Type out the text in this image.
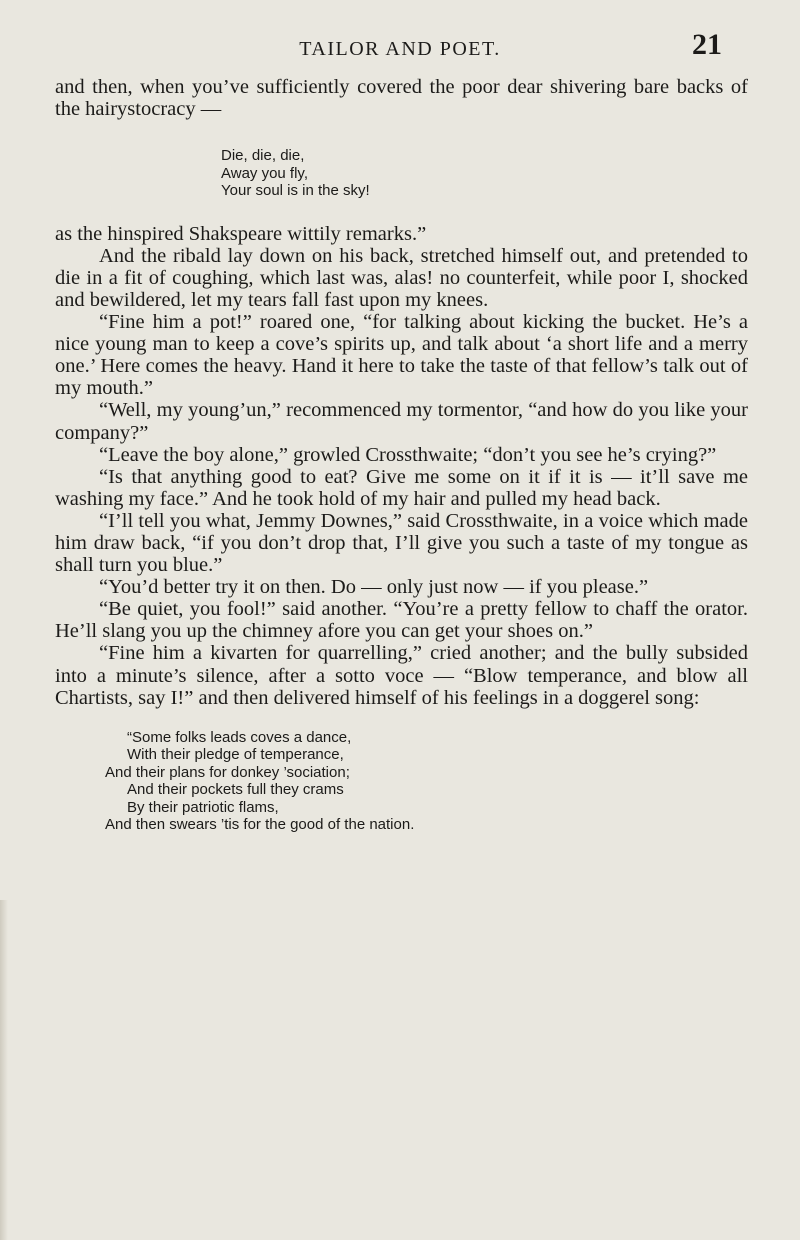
TAILOR AND POET.	21

and then, when you’ve sufficiently covered the poor dear shivering bare backs of the hairystocracy —

Die, die, die,
Away you fly,
Your soul is in the sky!

as the hinspired Shakspeare wittily remarks.”

And the ribald lay down on his back, stretched himself out, and pretended to die in a fit of coughing, which last was, alas! no counterfeit, while poor I, shocked and bewildered, let my tears fall fast upon my knees.

“Fine him a pot!” roared one, “for talking about kicking the bucket. He’s a nice young man to keep a cove’s spirits up, and talk about ‘a short life and a merry one.’ Here comes the heavy. Hand it here to take the taste of that fellow’s talk out of my mouth.”

“Well, my young’un,” recommenced my tormentor, “and how do you like your company?”

“Leave the boy alone,” growled Crossthwaite; “don’t you see he’s crying?”

“Is that anything good to eat? Give me some on it if it is — it’ll save me washing my face.” And he took hold of my hair and pulled my head back.

“I’ll tell you what, Jemmy Downes,” said Crossthwaite, in a voice which made him draw back, “if you don’t drop that, I’ll give you such a taste of my tongue as shall turn you blue.”

“You’d better try it on then. Do — only just now — if you please.”

“Be quiet, you fool!” said another. “You’re a pretty fellow to chaff the orator. He’ll slang you up the chimney afore you can get your shoes on.”

“Fine him a kivarten for quarrelling,” cried another; and the bully subsided into a minute’s silence, after a sotto voce — “Blow temperance, and blow all Chartists, say I!” and then delivered himself of his feelings in a doggerel song:

“Some folks leads coves a dance,
With their pledge of temperance,
And their plans for donkey ’sociation;
And their pockets full they crams
By their patriotic flams,
And then swears ’tis for the good of the nation.
